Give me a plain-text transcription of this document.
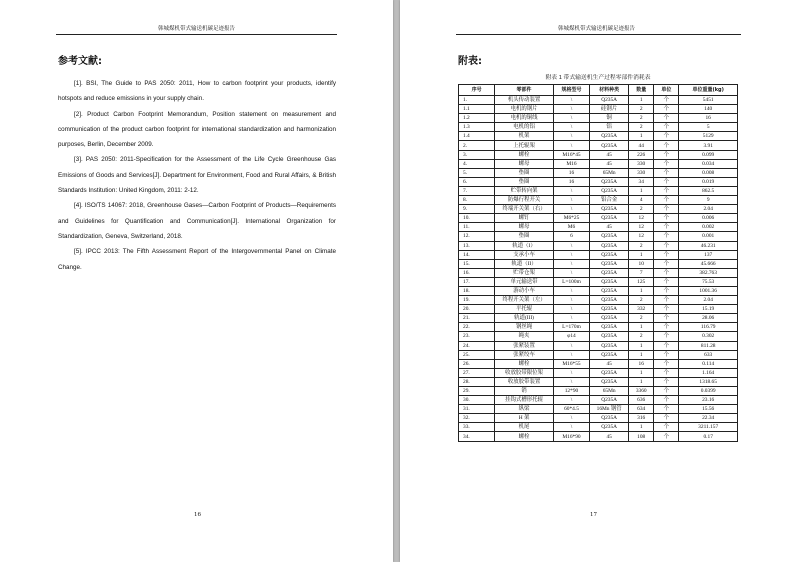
韩城煤机带式输送机碳足迹报告
参考文献:

[1]. BSI, The Guide to PAS 2050: 2011, How to carbon footprint your products, identify hotspots and reduce emissions in your supply chain.

[2]. Product Carbon Footprint Memorandum, Position statement on measurement and communication of the product carbon footprint for international standardization and harmonization purposes, Berlin, December 2009.

[3]. PAS 2050: 2011-Specification for the Assessment of the Life Cycle Greenhouse Gas Emissions of Goods and Services[J]. Department for Environment, Food and Rural Affairs, & British Standards Institution: United Kingdom, 2011: 2-12.

[4]. ISO/TS 14067: 2018, Greenhouse Gases—Carbon Footprint of Products—Requirements and Guidelines for Quantification and Communication[J]. International Organization for Standardization, Geneva, Switzerland, 2018.

[5]. IPCC 2013: The Fifth Assessment Report of the Intergovernmental Panel on Climate Change.

16
韩城煤机带式输送机碳足迹报告
附表:
附表 1 带式输送机生产过程零部件消耗表
序号	零部件	规格型号	材料种类	数量	单位	单位重量(kg)
1.	机头传动装置	\	Q235A	1	个	5451
1.1	电机的钢片	\	硅钢片	2	个	140
1.2	电机的铜线	\	铜	2	个	16
1.3	电机的铝	\	铝	2	个	5
1.4	机架	\	Q235A	1	个	5129
2.	上托辊架	\	Q235A	44	个	3.91
3.	螺栓	M16*45	45	226	个	0.099
4.	螺母	M16	45	330	个	0.034
5.	垫圈	16	65Mn	330	个	0.008
6.	垫圈	16	Q235A	34	个	0.019
7.	贮带转向架	\	Q235A	1	个	862.5
8.	防爆行程开关	\	铝合金	4	个	9
9.	终端开关架（右）	\	Q235A	2	个	2.04
10.	螺钉	M6*25	Q235A	12	个	0.006
11.	螺母	M6	45	12	个	0.002
12.	垫圈	6	Q235A	12	个	0.001
13.	轨道（I）	\	Q235A	2	个	46.231
14.	支承小车	\	Q235A	1	个	137
15.	轨道（II）	\	Q235A	10	个	45.666
16.	贮带仓架	\	Q235A	7	个	382.763
17.	单元输送带	L=100m	Q235A	125	个	75.53
18.	游动小车	\	Q235A	1	个	1001.36
19.	终程开关架（左）	\	Q235A	2	个	2.04
20.	平托辊	\	Q235A	332	个	15.19
21.	轨道(III)	\	Q235A	2	个	28.06
22.	钢丝绳	L=170m	Q235A	1	个	116.79
23.	绳夹	φ14	Q235A	2	个	0.302
24.	张紧装置	\	Q235A	1	个	811.28
25.	张紧绞车	\	Q235A	1	个	633
26.	螺栓	M16*55	45	16	个	0.114
27.	收放胶带限位架	\	Q235A	1	个	1.164
28.	收放胶带装置	\	Q235A	1	个	1318.65
29.	销	12*90	65Mn	3360	个	0.0399
30.	挂钩式槽形托辊	\	Q235A	636	个	23.16
31.	纵梁	60*4.5	16Mn 钢管	634	个	15.56
32.	H 架	\	Q235A	316	个	22.34
33.	机尾	\	Q235A	1	个	3211.157
34.	螺栓	M16*90	45	108	个	0.17
17
